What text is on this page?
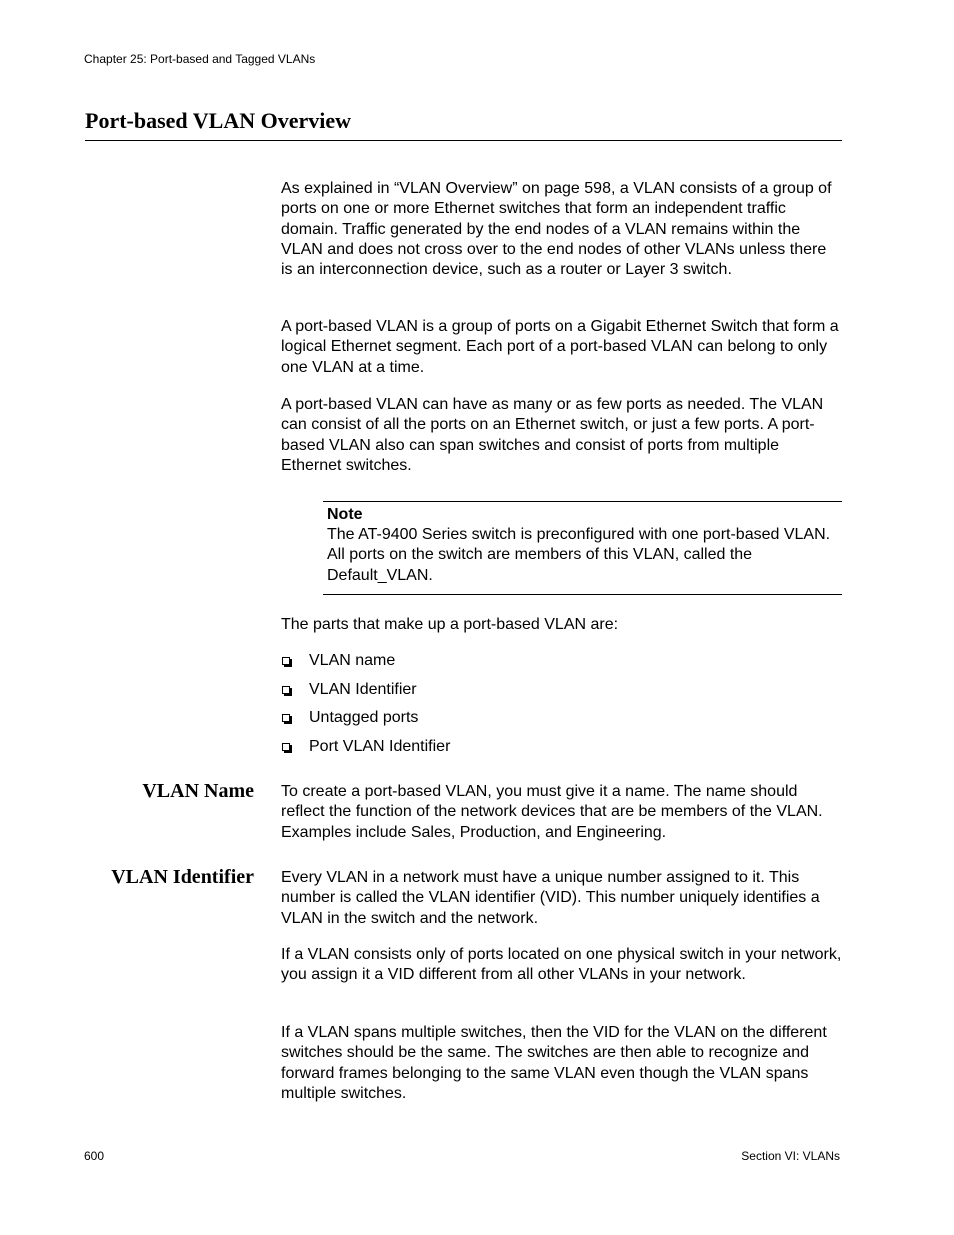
Chapter 25: Port-based and Tagged VLANs
Port-based VLAN Overview

As explained in “VLAN Overview” on page 598, a VLAN consists of a group of ports on one or more Ethernet switches that form an independent traffic domain. Traffic generated by the end nodes of a VLAN remains within the VLAN and does not cross over to the end nodes of other VLANs unless there is an interconnection device, such as a router or Layer 3 switch.

A port-based VLAN is a group of ports on a Gigabit Ethernet Switch that form a logical Ethernet segment. Each port of a port-based VLAN can belong to only one VLAN at a time.

A port-based VLAN can have as many or as few ports as needed. The VLAN can consist of all the ports on an Ethernet switch, or just a few ports. A port-based VLAN also can span switches and consist of ports from multiple Ethernet switches.

Note

The AT-9400 Series switch is preconfigured with one port-based VLAN. All ports on the switch are members of this VLAN, called the Default_VLAN.

The parts that make up a port-based VLAN are:

VLAN name
VLAN Identifier
Untagged ports
Port VLAN Identifier
VLAN Name To create a port-based VLAN, you must give it a name. The name should reflect the function of the network devices that are be members of the VLAN. Examples include Sales, Production, and Engineering.

VLAN Identifier Every VLAN in a network must have a unique number assigned to it. This number is called the VLAN identifier (VID). This number uniquely identifies a VLAN in the switch and the network.

If a VLAN consists only of ports located on one physical switch in your network, you assign it a VID different from all other VLANs in your network.

If a VLAN spans multiple switches, then the VID for the VLAN on the different switches should be the same. The switches are then able to recognize and forward frames belonging to the same VLAN even though the VLAN spans multiple switches.

600	Section VI: VLANs
